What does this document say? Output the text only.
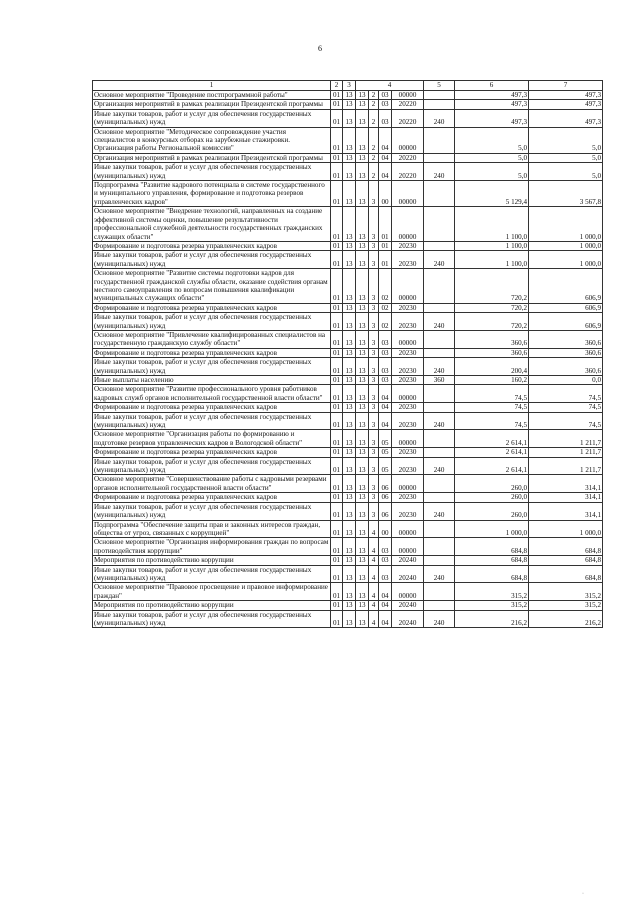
6
1	2	3	4				5	6	7
Основное мероприятие "Проведение постпрограммной работы"	01	13	13	2	03	00000		497,3	497,3
Организация мероприятий в рамках реализации Президентской программы	01	13	13	2	03	20220		497,3	497,3
Иные закупки товаров, работ и услуг для обеспечения государственных (муниципальных) нужд	01	13	13	2	03	20220	240	497,3	497,3
Основное мероприятие "Методическое сопровождение участия специалистов в конкурсных отборах на зарубежные стажировки. Организация работы Региональной комиссии"	01	13	13	2	04	00000		5,0	5,0
Организация мероприятий в рамках реализации Президентской программы	01	13	13	2	04	20220		5,0	5,0
Иные закупки товаров, работ и услуг для обеспечения государственных (муниципальных) нужд	01	13	13	2	04	20220	240	5,0	5,0
Подпрограмма "Развитие кадрового потенциала в системе государственного и муниципального управления, формирование и подготовка резервов управленческих кадров"	01	13	13	3	00	00000		5 129,4	3 567,8
Основное мероприятие "Внедрение технологий, направленных на создание эффективной системы оценки, повышение результативности профессиональной служебной деятельности государственных гражданских служащих области"	01	13	13	3	01	00000		1 100,0	1 000,0
Формирование и подготовка резерва управленческих кадров	01	13	13	3	01	20230		1 100,0	1 000,0
Иные закупки товаров, работ и услуг для обеспечения государственных (муниципальных) нужд	01	13	13	3	01	20230	240	1 100,0	1 000,0
Основное мероприятие "Развитие системы подготовки кадров для государственной гражданской службы области, оказание содействия органам местного самоуправления по вопросам повышения квалификации муниципальных служащих области"	01	13	13	3	02	00000		720,2	606,9
Формирование и подготовка резерва управленческих кадров	01	13	13	3	02	20230		720,2	606,9
Иные закупки товаров, работ и услуг для обеспечения государственных (муниципальных) нужд	01	13	13	3	02	20230	240	720,2	606,9
Основное мероприятие "Привлечение квалифицированных специалистов на государственную гражданскую службу области"	01	13	13	3	03	00000		360,6	360,6
Формирование и подготовка резерва управленческих кадров	01	13	13	3	03	20230		360,6	360,6
Иные закупки товаров, работ и услуг для обеспечения государственных (муниципальных) нужд	01	13	13	3	03	20230	240	200,4	360,6
Иные выплаты населению	01	13	13	3	03	20230	360	160,2	0,0
Основное мероприятие "Развитие профессионального уровня работников кадровых служб органов исполнительной государственной власти области"	01	13	13	3	04	00000		74,5	74,5
Формирование и подготовка резерва управленческих кадров	01	13	13	3	04	20230		74,5	74,5
Иные закупки товаров, работ и услуг для обеспечения государственных (муниципальных) нужд	01	13	13	3	04	20230	240	74,5	74,5
Основное мероприятие "Организация работы по формированию и подготовке резервов управленческих кадров в Вологодской области"	01	13	13	3	05	00000		2 614,1	1 211,7
Формирование и подготовка резерва управленческих кадров	01	13	13	3	05	20230		2 614,1	1 211,7
Иные закупки товаров, работ и услуг для обеспечения государственных (муниципальных) нужд	01	13	13	3	05	20230	240	2 614,1	1 211,7
Основное мероприятие "Совершенствование работы с кадровыми резервами органов исполнительной государственной власти области"	01	13	13	3	06	00000		260,0	314,1
Формирование и подготовка резерва управленческих кадров	01	13	13	3	06	20230		260,0	314,1
Иные закупки товаров, работ и услуг для обеспечения государственных (муниципальных) нужд	01	13	13	3	06	20230	240	260,0	314,1
Подпрограмма "Обеспечение защиты прав и законных интересов граждан, общества от угроз, связанных с коррупцией"	01	13	13	4	00	00000		1 000,0	1 000,0
Основное мероприятие "Организация информирования граждан по вопросам противодействия коррупции"	01	13	13	4	03	00000		684,8	684,8
Мероприятия по противодействию коррупции	01	13	13	4	03	20240		684,8	684,8
Иные закупки товаров, работ и услуг для обеспечения государственных (муниципальных) нужд	01	13	13	4	03	20240	240	684,8	684,8
Основное мероприятие "Правовое просвещение и правовое информирование граждан"	01	13	13	4	04	00000		315,2	315,2
Мероприятия по противодействию коррупции	01	13	13	4	04	20240		315,2	315,2
Иные закупки товаров, работ и услуг для обеспечения государственных (муниципальных) нужд	01	13	13	4	04	20240	240	216,2	216,2
·
